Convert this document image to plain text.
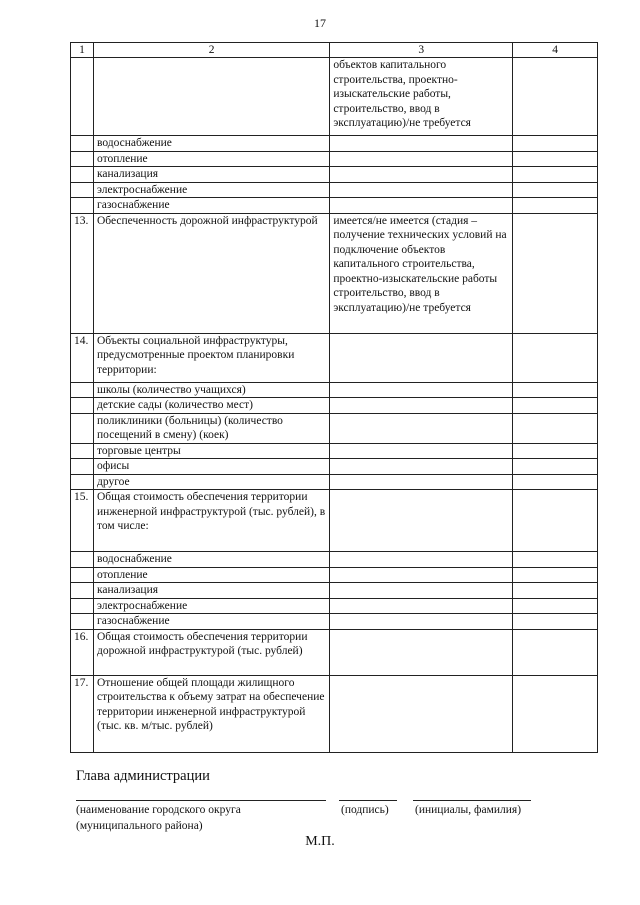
17
1	2	3	4
		объектов капитального строительства, проектно-изыскательские работы, строительство, ввод в эксплуатацию)/не требуется	
	водоснабжение		
	отопление		
	канализация		
	электроснабжение		
	газоснабжение		
13.	Обеспеченность дорожной инфраструктурой	имеется/не имеется (стадия – получение технических условий на подключение объектов капитального строительства, проектно-изыскательские работы строительство, ввод в эксплуатацию)/не требуется	
14.	Объекты социальной инфраструктуры, предусмотренные проектом планировки территории:		
	школы (количество учащихся)		
	детские сады (количество мест)		
	поликлиники (больницы) (количество посещений в смену) (коек)		
	торговые центры		
	офисы		
	другое		
15.	Общая стоимость обеспечения территории инженерной инфраструктурой (тыс. рублей), в том числе:		
	водоснабжение		
	отопление		
	канализация		
	электроснабжение		
	газоснабжение		
16.	Общая стоимость обеспечения территории дорожной инфраструктурой (тыс. рублей)		
17.	Отношение общей площади жилищного строительства к объему затрат на обеспечение территории инженерной инфраструктурой (тыс. кв. м/тыс. рублей)		
Глава администрации
(наименование городского округа
(муниципального района)
(подпись) (инициалы, фамилия)
М.П.
